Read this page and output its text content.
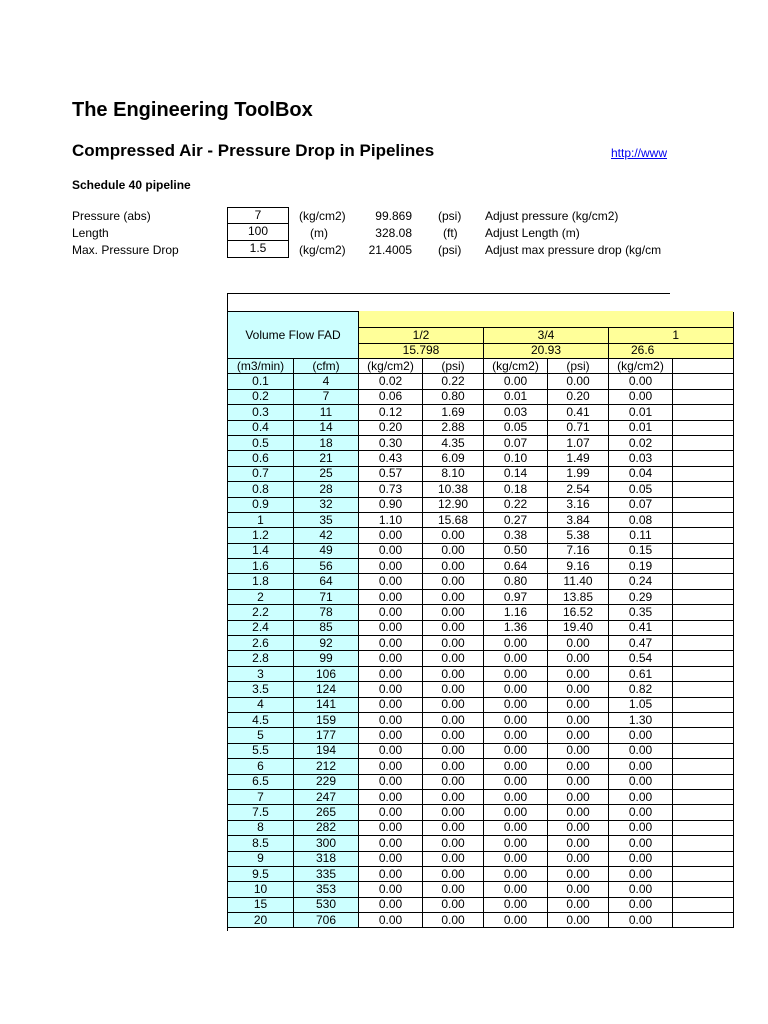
The Engineering ToolBox
Compressed Air - Pressure Drop in Pipelines	http://www
Schedule 40 pipeline
Pressure (abs)	7	(kg/cm2)	99.869 (psi) Adjust pressure (kg/cm2)
Length	100	(m)	328.08	(ft) Adjust Length (m)
Max. Pressure Drop	1.5	(kg/cm2)	21.4005 (psi) Adjust max pressure drop (kg/cm
Volume Flow FAD							
		1/2		3/4		1	
		15.798		20.93		26.6	
(m3/min)	(cfm)	(kg/cm2)	(psi)	(kg/cm2)	(psi)	(kg/cm2)	
0.1	4	0.02	0.22	0.00	0.00	0.00	
0.2	7	0.06	0.80	0.01	0.20	0.00	
0.3	11	0.12	1.69	0.03	0.41	0.01	
0.4	14	0.20	2.88	0.05	0.71	0.01	
0.5	18	0.30	4.35	0.07	1.07	0.02	
0.6	21	0.43	6.09	0.10	1.49	0.03	
0.7	25	0.57	8.10	0.14	1.99	0.04	
0.8	28	0.73	10.38	0.18	2.54	0.05	
0.9	32	0.90	12.90	0.22	3.16	0.07	
1	35	1.10	15.68	0.27	3.84	0.08	
1.2	42	0.00	0.00	0.38	5.38	0.11	
1.4	49	0.00	0.00	0.50	7.16	0.15	
1.6	56	0.00	0.00	0.64	9.16	0.19	
1.8	64	0.00	0.00	0.80	11.40	0.24	
2	71	0.00	0.00	0.97	13.85	0.29	
2.2	78	0.00	0.00	1.16	16.52	0.35	
2.4	85	0.00	0.00	1.36	19.40	0.41	
2.6	92	0.00	0.00	0.00	0.00	0.47	
2.8	99	0.00	0.00	0.00	0.00	0.54	
3	106	0.00	0.00	0.00	0.00	0.61	
3.5	124	0.00	0.00	0.00	0.00	0.82	
4	141	0.00	0.00	0.00	0.00	1.05	
4.5	159	0.00	0.00	0.00	0.00	1.30	
5	177	0.00	0.00	0.00	0.00	0.00	
5.5	194	0.00	0.00	0.00	0.00	0.00	
6	212	0.00	0.00	0.00	0.00	0.00	
6.5	229	0.00	0.00	0.00	0.00	0.00	
7	247	0.00	0.00	0.00	0.00	0.00	
7.5	265	0.00	0.00	0.00	0.00	0.00	
8	282	0.00	0.00	0.00	0.00	0.00	
8.5	300	0.00	0.00	0.00	0.00	0.00	
9	318	0.00	0.00	0.00	0.00	0.00	
9.5	335	0.00	0.00	0.00	0.00	0.00	
10	353	0.00	0.00	0.00	0.00	0.00	
15	530	0.00	0.00	0.00	0.00	0.00	
20	706	0.00	0.00	0.00	0.00	0.00	
